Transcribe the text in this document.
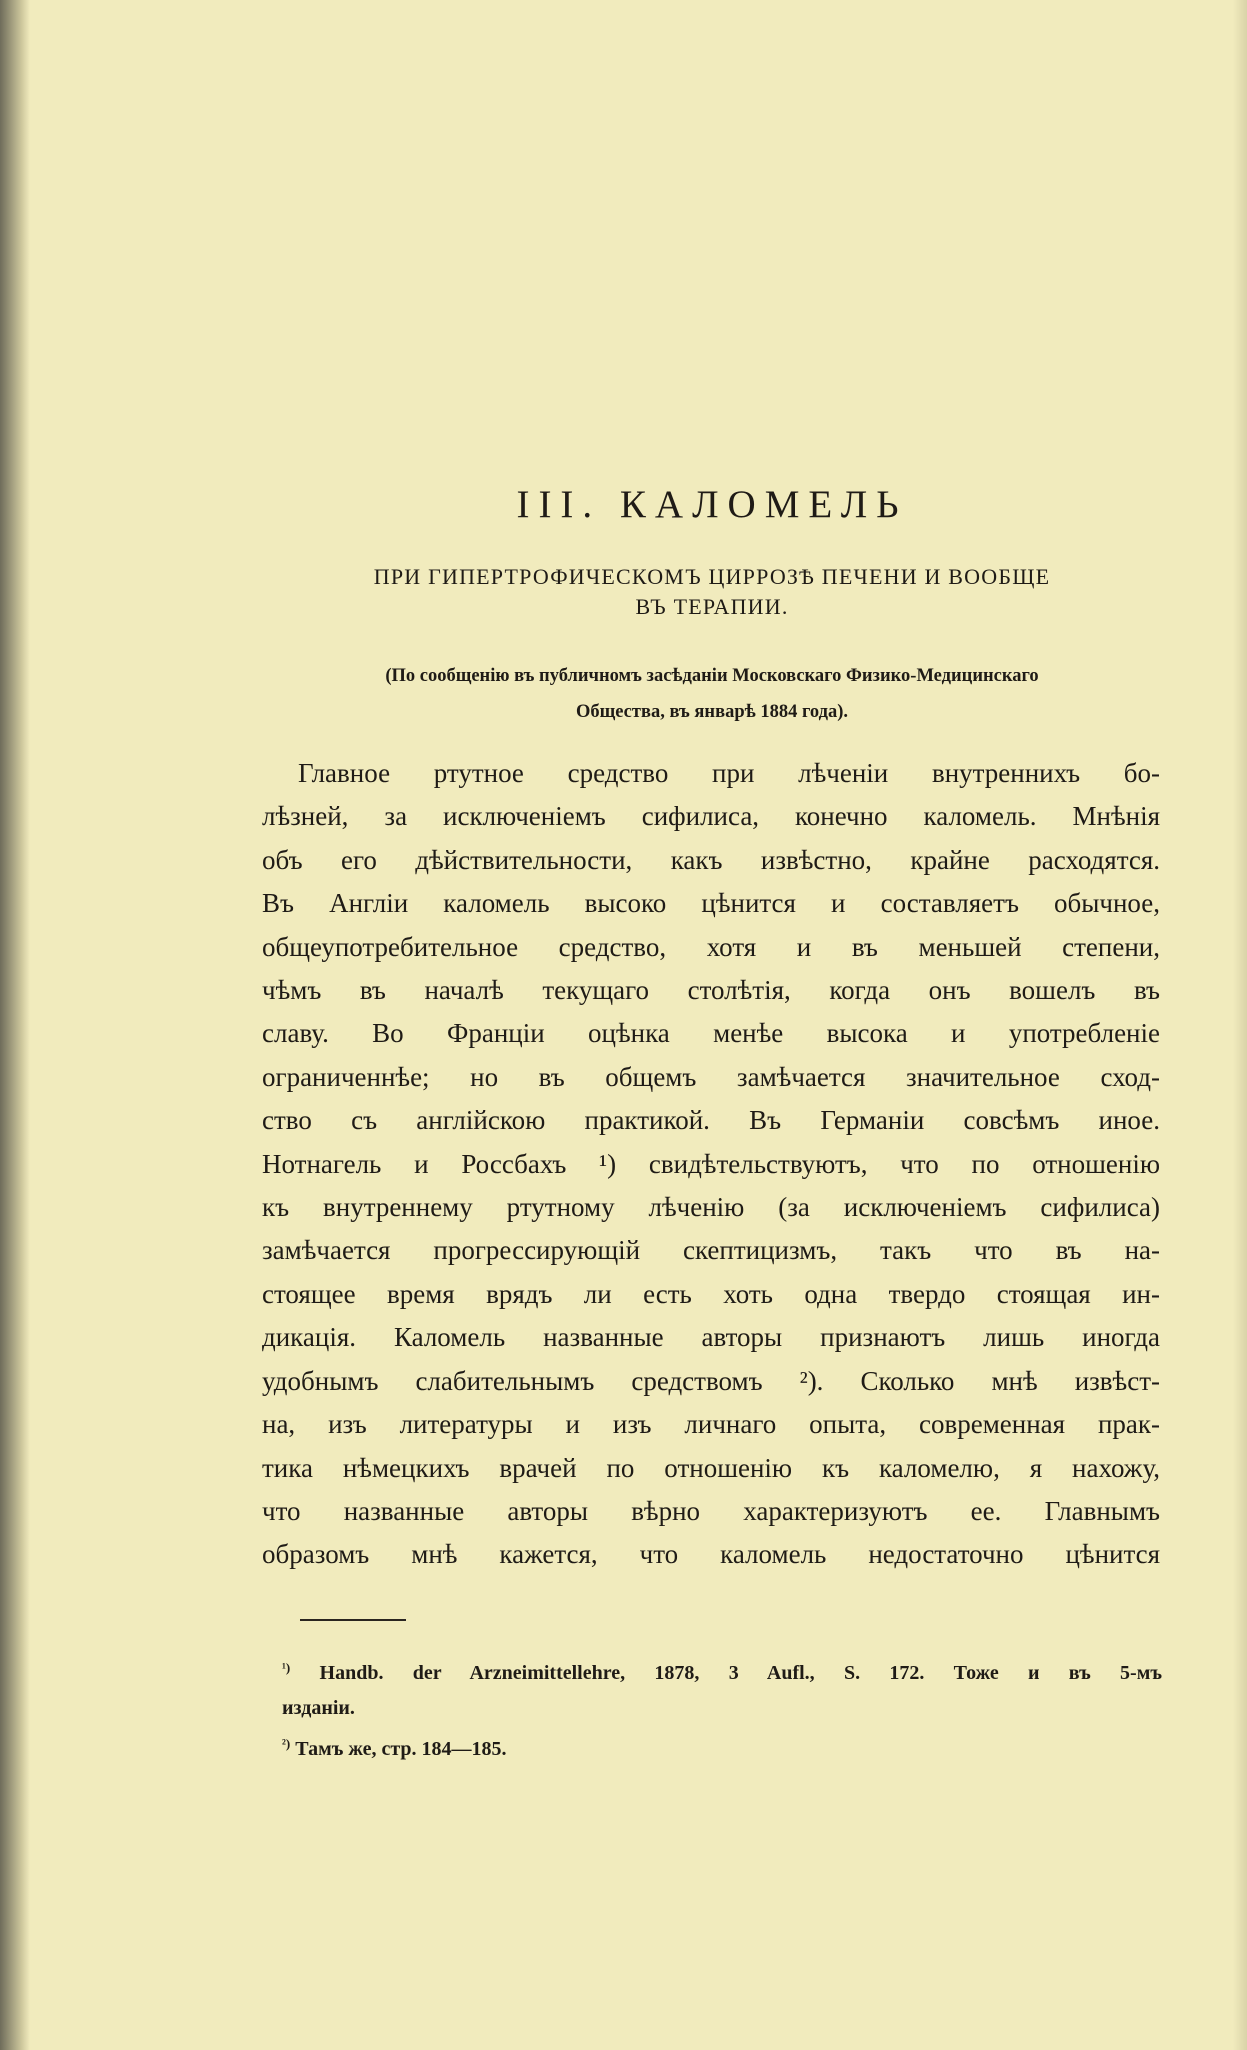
III. КАЛОМЕЛЬ
ПРИ ГИПЕРТРОФИЧЕСКОМЪ ЦИРРОЗѢ ПЕЧЕНИ И ВООБЩЕ
ВЪ ТЕРАПИИ.
(По сообщенію въ публичномъ засѣданіи Московскаго Физико-Медицинскаго
Общества, въ январѣ 1884 года).

Главное ртутное средство при лѣченіи внутреннихъ бо-
лѣзней, за исключеніемъ сифилиса, конечно каломель. Мнѣнія
объ его дѣйствительности, какъ извѣстно, крайне расходятся.
Въ Англіи каломель высоко цѣнится и составляетъ обычное,
общеупотребительное средство, хотя и въ меньшей степени,
чѣмъ въ началѣ текущаго столѣтія, когда онъ вошелъ въ
славу. Во Франціи оцѣнка менѣе высока и употребленіе
ограниченнѣе; но въ общемъ замѣчается значительное сход-
ство съ англійскою практикой. Въ Германіи совсѣмъ иное.
Нотнагель и Россбахъ ¹) свидѣтельствуютъ, что по отношенію
къ внутреннему ртутному лѣченію (за исключеніемъ сифилиса)
замѣчается прогрессирующій скептицизмъ, такъ что въ на-
стоящее время врядъ ли есть хоть одна твердо стоящая ин-
дикація. Каломель названные авторы признаютъ лишь иногда
удобнымъ слабительнымъ средствомъ ²). Сколько мнѣ извѣст-
на, изъ литературы и изъ личнаго опыта, современная прак-
тика нѣмецкихъ врачей по отношенію къ каломелю, я нахожу,
что названные авторы вѣрно характеризуютъ ее. Главнымъ
образомъ мнѣ кажется, что каломель недостаточно цѣнится

$^{^1)}$ Handb. der Arzneimittellehre, 1878, 3 Aufl., S. 172. Тоже и въ 5-мъ
изданіи.
$^{^2)}$ Тамъ же, стр. 184—185.
